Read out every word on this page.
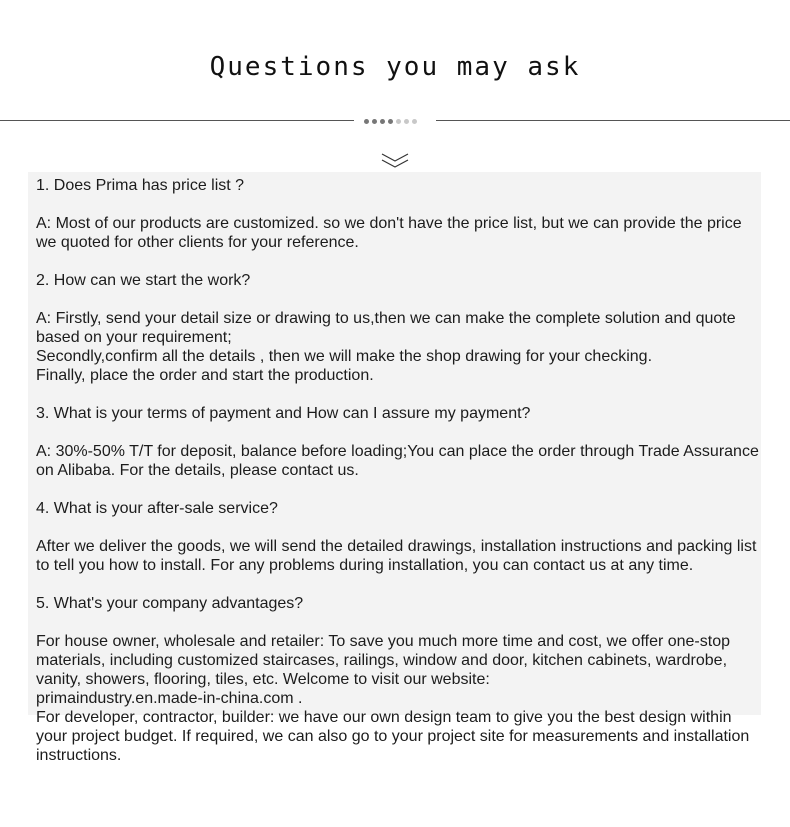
Questions you may ask

1. Does Prima has price list ?

A: Most of our products are customized. so we don't have the price list, but we can provide the price we quoted for other clients for your reference.

2. How can we start the work?

A: Firstly, send your detail size or drawing to us,then we can make the complete solution and quote based on your requirement;

Secondly,confirm all the details , then we will make the shop drawing for your checking.

Finally, place the order and start the production.

3. What is your terms of payment and How can I assure my payment?

A: 30%-50% T/T for deposit, balance before loading;You can place the order through Trade Assurance on Alibaba. For the details, please contact us.

4. What is your after-sale service?

After we deliver the goods, we will send the detailed drawings, installation instructions and packing list to tell you how to install. For any problems during installation, you can contact us at any time.

5. What's your company advantages?

For house owner, wholesale and retailer: To save you much more time and cost, we offer one-stop materials, including customized staircases, railings, window and door, kitchen cabinets, wardrobe, vanity, showers, flooring, tiles, etc. Welcome to visit our website:

primaindustry.en.made-in-china.com .

For developer, contractor, builder: we have our own design team to give you the best design within your project budget. If required, we can also go to your project site for measurements and installation instructions.
